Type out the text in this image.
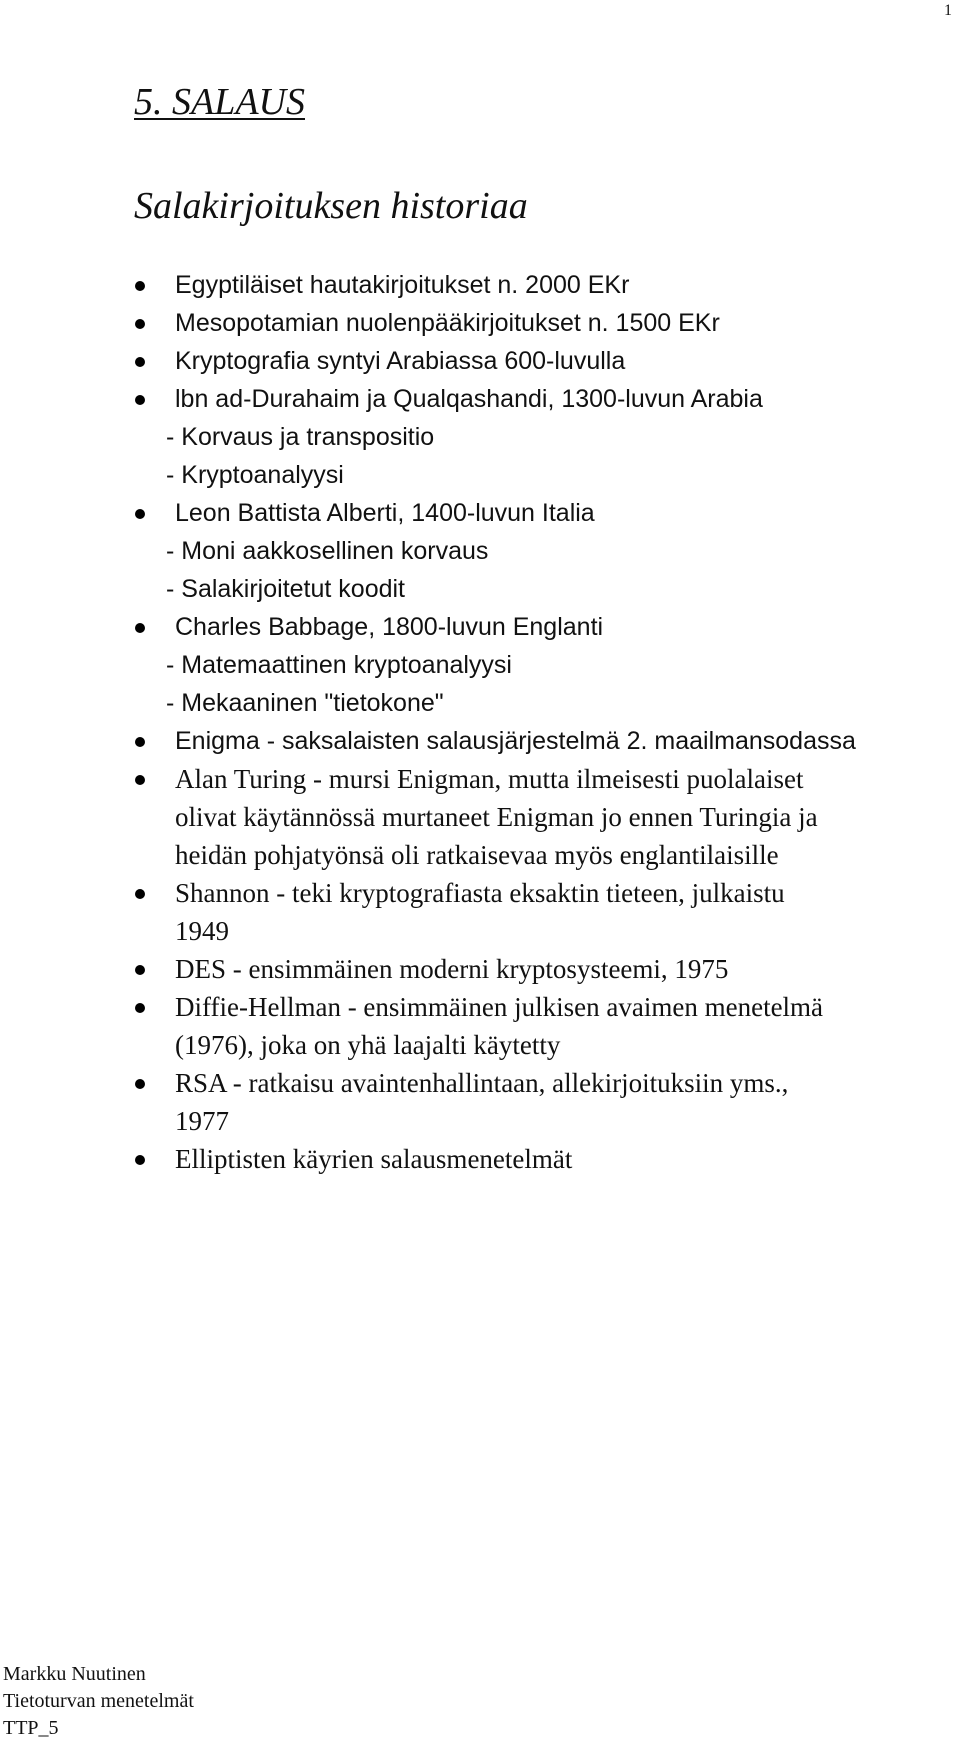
1
5. SALAUS
Salakirjoituksen historiaa
Egyptiläiset hautakirjoitukset n. 2000 EKr
Mesopotamian nuolenpääkirjoitukset n. 1500 EKr
Kryptografia syntyi Arabiassa 600-luvulla
lbn ad-Durahaim ja Qualqashandi, 1300-luvun Arabia
- Korvaus ja transpositio
- Kryptoanalyysi
Leon Battista Alberti, 1400-luvun Italia
- Moni aakkosellinen korvaus
- Salakirjoitetut koodit
Charles Babbage, 1800-luvun Englanti
- Matemaattinen kryptoanalyysi
- Mekaaninen "tietokone"
Enigma - saksalaisten salausjärjestelmä 2. maailmansodassa
Alan Turing - mursi Enigman, mutta ilmeisesti puolalaiset
olivat käytännössä murtaneet Enigman jo ennen Turingia ja
heidän pohjatyönsä oli ratkaisevaa myös englantilaisille
Shannon - teki kryptografiasta eksaktin tieteen, julkaistu
1949
DES - ensimmäinen moderni kryptosysteemi, 1975
Diffie-Hellman - ensimmäinen julkisen avaimen menetelmä
(1976), joka on yhä laajalti käytetty
RSA - ratkaisu avaintenhallintaan, allekirjoituksiin yms.,
1977
Elliptisten käyrien salausmenetelmät
Markku Nuutinen
Tietoturvan menetelmät
TTP_5
